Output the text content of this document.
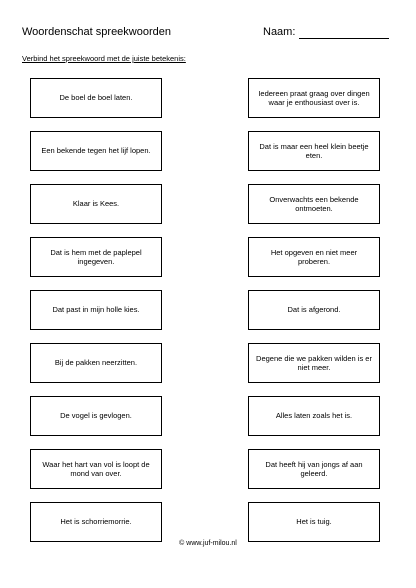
Woordenschat spreekwoorden	Naam:
Verbind het spreekwoord met de juiste betekenis:
De boel de boel laten.
Een bekende tegen het lijf lopen.
Klaar is Kees.
Dat is hem met de paplepel ingegeven.
Dat past in mijn holle kies.
Bij de pakken neerzitten.
De vogel is gevlogen.
Waar het hart van vol is loopt de mond van over.
Het is schorriemorrie.
Iedereen praat graag over dingen waar je enthousiast over is.
Dat is maar een heel klein beetje eten.
Onverwachts een bekende ontmoeten.
Het opgeven en niet meer proberen.
Dat is afgerond.
Degene die we pakken wilden is er niet meer.
Alles laten zoals het is.
Dat heeft hij van jongs af aan geleerd.
Het is tuig.
© www.juf-milou.nl
